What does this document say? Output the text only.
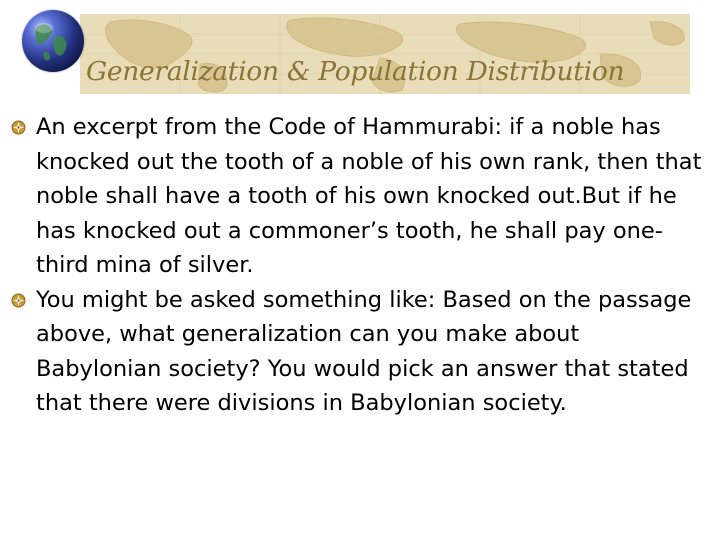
Generalization & Population Distribution
An excerpt from the Code of Hammurabi: if a noble has knocked out the tooth of a noble of his own rank, then that noble shall have a tooth of his own knocked out.But if he has knocked out a commoner’s tooth, he shall pay one-third mina of silver.
You might be asked something like: Based on the passage above, what generalization can you make about Babylonian society? You would pick an answer that stated that there were divisions in Babylonian society.
